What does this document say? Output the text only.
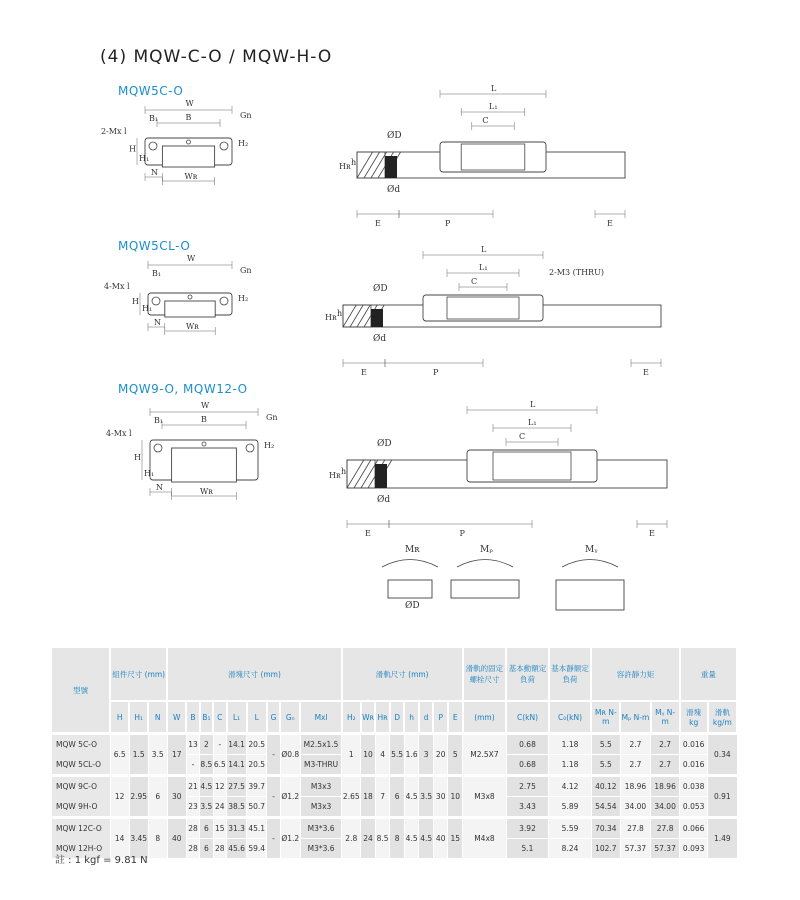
(4) MQW-C-O / MQW-H-O
MQW5C-O
MQW5CL-O
MQW9-O, MQW12-O
W
B
B₁	Gn
2-Mx l
H
H₁
H₂
N	Wʀ
L
L₁
C
ØD
Ød
Hʀ h
E	P	E
W
B₁	Gn
4-Mx l
H
H₁
H₂
N	Wʀ
L
L₁
C
2-M3 (THRU)
ØD
Ød
Hʀ h
E	P	E
W
B
B₁	Gn
4-Mx l
H
H₁
H₂
N	Wʀ
L
L₁
C
ØD
Ød
Hʀ h
E	P	E
Mʀ	Mₚ	Mᵧ
ØD
型號	組件尺寸 (mm)			滑塊尺寸 (mm)									滑軌尺寸 (mm)								滑軌的固定螺栓尺寸	基本動額定負荷	基本靜額定負荷	容許靜力矩			重量	
	H	H₁	N	W	B	B₁	C	L₁	L	G	Gₙ	Mxl	H₂	Wʀ	Hʀ	D	h	d	P	E	(mm)	C(kN)	C₀(kN)	Mʀ N-m	Mₚ N-m	Mᵧ N-m	滑塊 kg	滑軌 kg/m
MQW 5C-O	6.5	1.5	3.5	17	13	2	-	14.1	20.5	-	Ø0.8	M2.5x1.5	1	10	4	5.5	1.6	3	20	5	M2.5X7	0.68	1.18	5.5	2.7	2.7	0.016	0.34
MQW 5CL-O					-	8.5	6.5	14.1	20.5			M3-THRU										0.68	1.18	5.5	2.7	2.7	0.016	
MQW 9C-O	12	2.95	6	30	21	4.5	12	27.5	39.7	-	Ø1.2	M3x3	2.65	18	7	6	4.5	3.5	30	10	M3x8	2.75	4.12	40.12	18.96	18.96	0.038	0.91
MQW 9H-O					23	3.5	24	38.5	50.7			M3x3										3.43	5.89	54.54	34.00	34.00	0.053	
MQW 12C-O	14	3.45	8	40	28	6	15	31.3	45.1	-	Ø1.2	M3*3.6	2.8	24	8.5	8	4.5	4.5	40	15	M4x8	3.92	5.59	70.34	27.8	27.8	0.066	1.49
MQW 12H-O					28	6	28	45.6	59.4			M3*3.6										5.1	8.24	102.7	57.37	57.37	0.093	
註 : 1 kgf = 9.81 N
